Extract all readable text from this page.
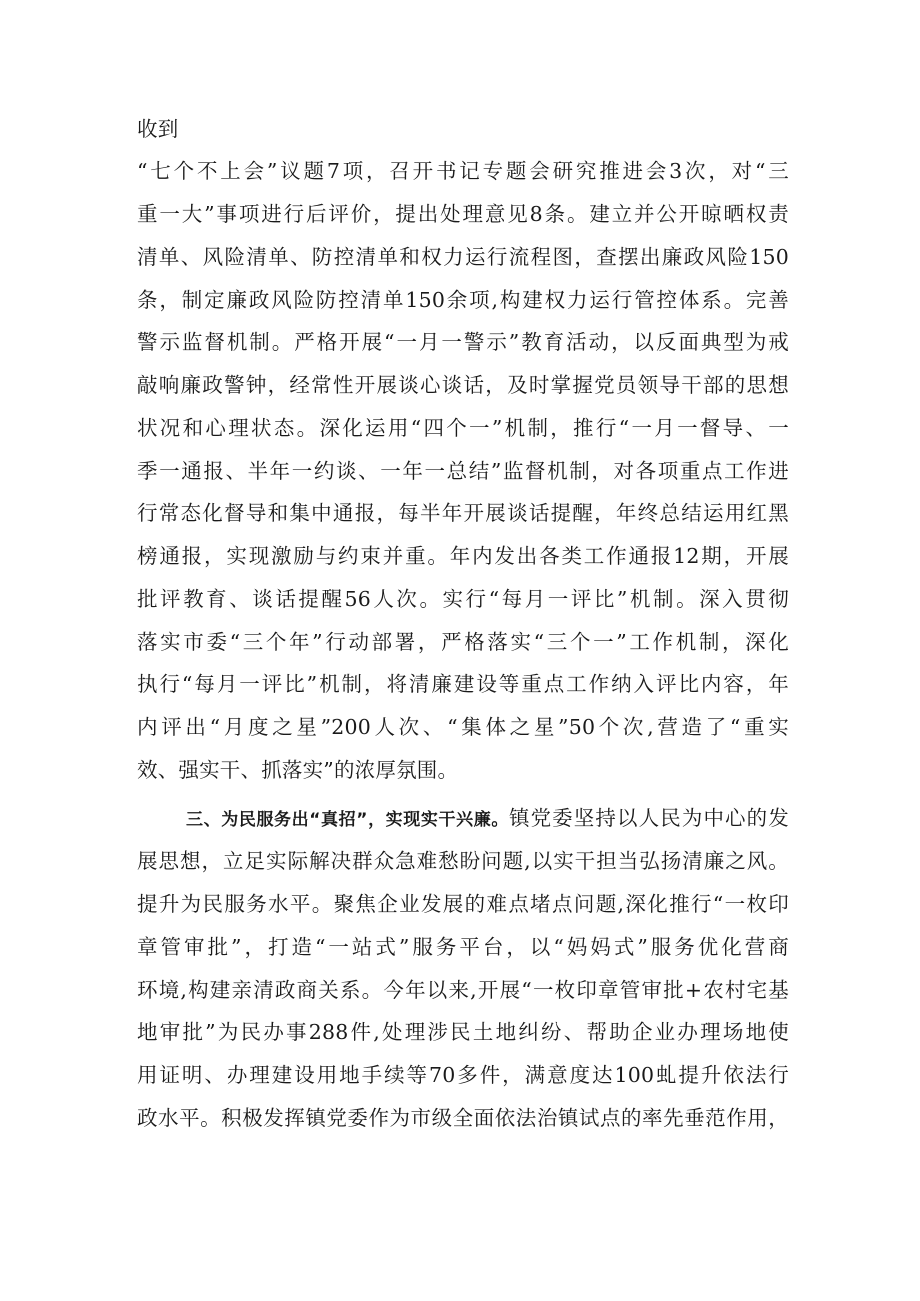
收到
“七个不上会”议题7项，召开书记专题会研究推进会3次，对“三
重一大”事项进行后评价，提出处理意见8条。建立并公开晾晒权责
清单、风险清单、防控清单和权力运行流程图，查摆出廉政风险150
条，制定廉政风险防控清单150余项,构建权力运行管控体系。完善
警示监督机制。严格开展“一月一警示”教育活动，以反面典型为戒
敲响廉政警钟，经常性开展谈心谈话，及时掌握党员领导干部的思想
状况和心理状态。深化运用“四个一”机制，推行“一月一督导、一
季一通报、半年一约谈、一年一总结”监督机制，对各项重点工作进
行常态化督导和集中通报，每半年开展谈话提醒，年终总结运用红黑
榜通报，实现激励与约束并重。年内发出各类工作通报12期，开展
批评教育、谈话提醒56人次。实行“每月一评比”机制。深入贯彻
落实市委“三个年”行动部署，严格落实“三个一”工作机制，深化
执行“每月一评比”机制，将清廉建设等重点工作纳入评比内容，年
内评出“月度之星”200人次、“集体之星”50个次,营造了“重实
效、强实干、抓落实”的浓厚氛围。
三、为民服务出“真招”，实现实干兴廉。镇党委坚持以人民为中心的发
展思想，立足实际解决群众急难愁盼问题,以实干担当弘扬清廉之风。
提升为民服务水平。聚焦企业发展的难点堵点问题,深化推行“一枚印
章管审批”，打造“一站式”服务平台，以“妈妈式”服务优化营商
环境,构建亲清政商关系。今年以来,开展“一枚印章管审批+农村宅基
地审批”为民办事288件,处理涉民土地纠纷、帮助企业办理场地使
用证明、办理建设用地手续等70多件，满意度达100虬提升依法行
政水平。积极发挥镇党委作为市级全面依法治镇试点的率先垂范作用，
